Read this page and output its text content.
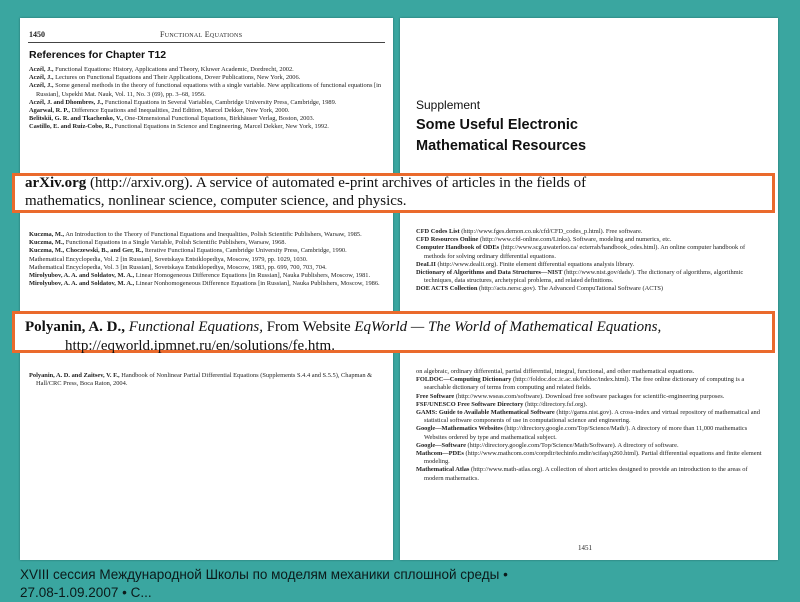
1450	Functional Equations
References for Chapter T12

Aczél, J., Functional Equations: History, Applications and Theory, Kluwer Academic, Dordrecht, 2002.

Aczél, J., Lectures on Functional Equations and Their Applications, Dover Publications, New York, 2006.

Aczél, J., Some general methods in the theory of functional equations with a single variable. New applications of functional equations [in Russian], Uspekhi Mat. Nauk, Vol. 11, No. 3 (69), pp. 3–68, 1956.

Aczél, J. and Dhombres, J., Functional Equations in Several Variables, Cambridge University Press, Cambridge, 1989.

Agarwal, R. P., Difference Equations and Inequalities, 2nd Edition, Marcel Dekker, New York, 2000.

Belitskii, G. R. and Tkachenko, V., One-Dimensional Functional Equations, Birkhäuser Verlag, Boston, 2003.

Castillo, E. and Ruiz-Cobo, R., Functional Equations in Science and Engineering, Marcel Dekker, New York, 1992.

Kuczma, M., An Introduction to the Theory of Functional Equations and Inequalities, Polish Scientific Publishers, Warsaw, 1985.

Kuczma, M., Functional Equations in a Single Variable, Polish Scientific Publishers, Warsaw, 1968.

Kuczma, M., Choczewski, B., and Ger, R., Iterative Functional Equations, Cambridge University Press, Cambridge, 1990.

Mathematical Encyclopedia, Vol. 2 [in Russian], Sovetskaya Entsiklopediya, Moscow, 1979, pp. 1029, 1030.

Mathematical Encyclopedia, Vol. 3 [in Russian], Sovetskaya Entsiklopediya, Moscow, 1983, pp. 699, 700, 703, 704.

Mirolyubov, A. A. and Soldatov, M. A., Linear Homogeneous Difference Equations [in Russian], Nauka Publishers, Moscow, 1981.

Mirolyubov, A. A. and Soldatov, M. A., Linear Nonhomogeneous Difference Equations [in Russian], Nauka Publishers, Moscow, 1986.

Polyanin, A. D. and Zaitsev, V. F., Handbook of Nonlinear Partial Differential Equations (Supplements S.4.4 and S.5.5), Chapman & Hall/CRC Press, Boca Raton, 2004.

Supplement
Some Useful Electronic
Mathematical Resources

CFD Codes List (http://www.fges.demon.co.uk/cfd/CFD_codes_p.html). Free software.

CFD Resources Online (http://www.cfd-online.com/Links). Software, modeling and numerics, etc.

Computer Handbook of ODEs (http://www.scg.uwaterloo.ca/ ecterrab/handbook_odes.html). An online computer handbook of methods for solving ordinary differential equations.

DeaLII (http://www.dealii.org). Finite element differential equations analysis library.

Dictionary of Algorithms and Data Structures—NIST (http://www.nist.gov/dads/). The dictionary of algorithms, algorithmic techniques, data structures, archetypical problems, and related definitions.

DOE ACTS Collection (http://acts.nersc.gov). The Advanced CompuTational Software (ACTS)

on algebraic, ordinary differential, partial differential, integral, functional, and other mathematical equations.

FOLDOC—Computing Dictionary (http://foldoc.doc.ic.ac.uk/foldoc/index.html). The free online dictionary of computing is a searchable dictionary of terms from computing and related fields.

Free Software (http://www.wseas.com/software). Download free software packages for scientific-engineering purposes.

FSF/UNESCO Free Software Directory (http://directory.fsf.org).

GAMS: Guide to Available Mathematical Software (http://gams.nist.gov). A cross-index and virtual repository of mathematical and statistical software components of use in computational science and engineering.

Google—Mathematics Websites (http://directory.google.com/Top/Science/Math/). A directory of more than 11,000 mathematics Websites ordered by type and mathematical subject.

Google—Software (http://directory.google.com/Top/Science/Math/Software). A directory of software.

Mathcom—PDEs (http://www.mathcom.com/corpdir/techinfo.mdir/scifaq/q260.html). Partial differential equations and finite element modeling.

Mathematical Atlas (http://www.math-atlas.org). A collection of short articles designed to provide an introduction to the areas of modern mathematics.

1451
arXiv.org (http://arxiv.org). A service of automated e-print archives of articles in the fields of
mathematics, nonlinear science, computer science, and physics.
Polyanin, A. D., Functional Equations, From Website EqWorld — The World of Mathematical Equations,
http://eqworld.ipmnet.ru/en/solutions/fe.htm.
XVIII сессия Международной Школы по моделям механики сплошной среды •
27.08-1.09.2007 • С...
